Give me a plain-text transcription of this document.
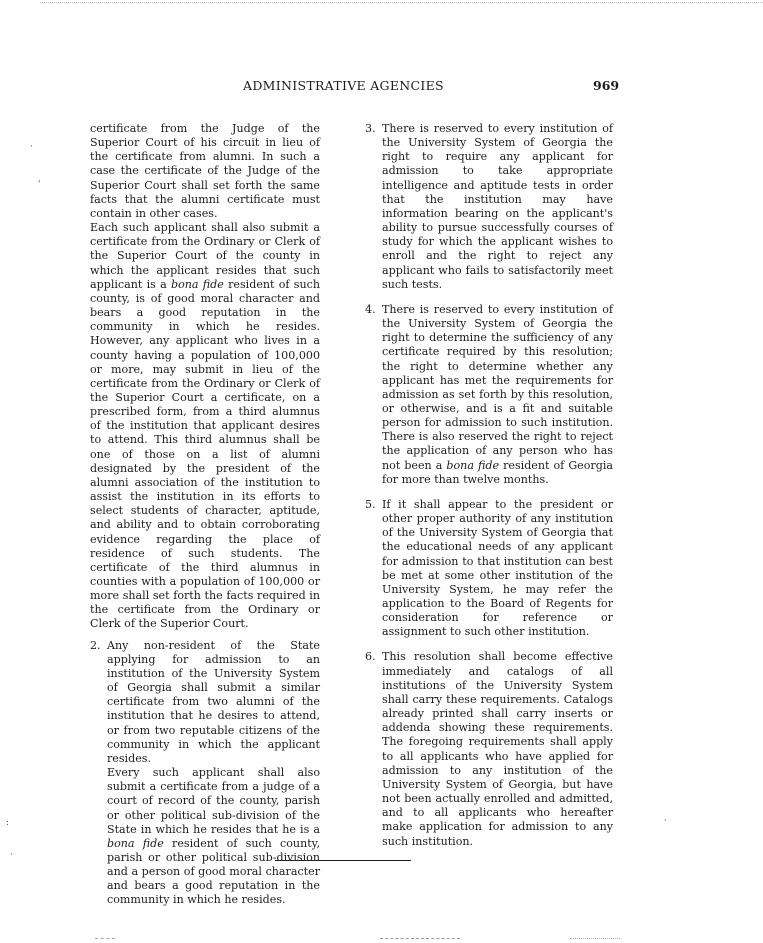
ADMINISTRATIVE AGENCIES	969

certificate from the Judge of the Superior Court of his circuit in lieu of the certificate from alumni. In such a case the certificate of the Judge of the Superior Court shall set forth the same facts that the alumni certificate must contain in other cases.

Each such applicant shall also submit a certificate from the Ordinary or Clerk of the Superior Court of the county in which the applicant resides that such applicant is a bona fide resident of such county, is of good moral character and bears a good reputation in the community in which he resides. However, any applicant who lives in a county having a population of 100,000 or more, may submit in lieu of the certificate from the Ordinary or Clerk of the Superior Court a certificate, on a prescribed form, from a third alumnus of the institution that applicant desires to attend. This third alumnus shall be one of those on a list of alumni designated by the president of the alumni association of the institution to assist the institution in its efforts to select students of character, aptitude, and ability and to obtain corroborating evidence regarding the place of residence of such students. The certificate of the third alumnus in counties with a population of 100,000 or more shall set forth the facts required in the certificate from the Ordinary or Clerk of the Superior Court.

2. Any non-resident of the State applying for admission to an institution of the University System of Georgia shall submit a similar certificate from two alumni of the institution that he desires to attend, or from two reputable citizens of the community in which the applicant resides.

Every such applicant shall also submit a certificate from a judge of a court of record of the county, parish or other political sub-division of the State in which he resides that he is a bona fide resident of such county, parish or other political sub-division and a person of good moral character and bears a good reputation in the community in which he resides.

3. There is reserved to every institution of the University System of Georgia the right to require any applicant for admission to take appropriate intelligence and aptitude tests in order that the institution may have information bearing on the applicant's ability to pursue successfully courses of study for which the applicant wishes to enroll and the right to reject any applicant who fails to satisfactorily meet such tests.

4. There is reserved to every institution of the University System of Georgia the right to determine the sufficiency of any certificate required by this resolution; the right to determine whether any applicant has met the requirements for admission as set forth by this resolution, or otherwise, and is a fit and suitable person for admission to such institution. There is also reserved the right to reject the application of any person who has not been a bona fide resident of Georgia for more than twelve months.

5. If it shall appear to the president or other proper authority of any institution of the University System of Georgia that the educational needs of any applicant for admission to that institution can best be met at some other institution of the University System, he may refer the application to the Board of Regents for consideration for reference or assignment to such other institution.

6. This resolution shall become effective immediately and catalogs of all institutions of the University System shall carry these requirements. Catalogs already printed shall carry inserts or addenda showing these requirements. The foregoing requirements shall apply to all applicants who have applied for admission to any institution of the University System of Georgia, but have not been actually enrolled and admitted, and to all applicants who hereafter make application for admission to any such institution.

·
'
:
·
·
